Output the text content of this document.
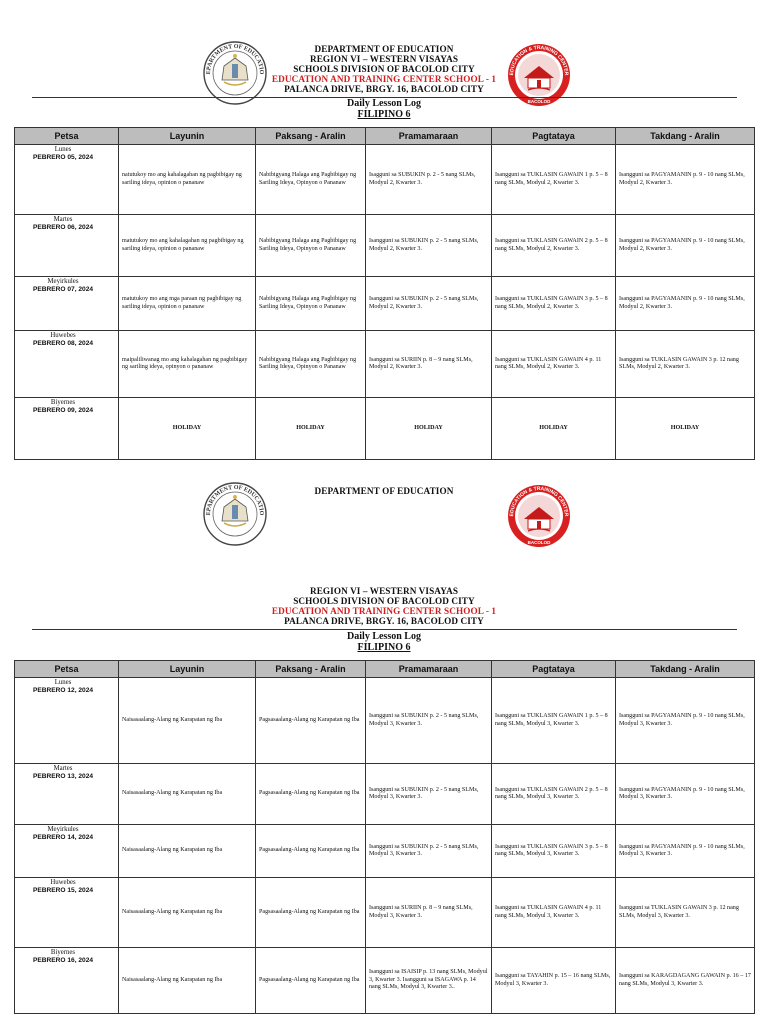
DEPARTMENT OF EDUCATION
REGION VI – WESTERN VISAYAS
SCHOOLS DIVISION OF BACOLOD CITY
EDUCATION AND TRAINING CENTER SCHOOL - 1
PALANCA DRIVE, BRGY. 16, BACOLOD CITY
Daily Lesson Log
FILIPINO 6
Petsa	Layunin	Paksang - Aralin	Pramamaraan	Pagtataya	Takdang - Aralin

Lunes
PEBRERO 05, 2024	natutukoy mo ang kahalagahan ng pagbibigay ng sariling ideya, opinion o pananaw	Nabibigyang Halaga ang Pagbibigay ng Sariling Ideya, Opinyon o Pananaw	Isagguni sa SUBUKIN p. 2 - 5 nang SLMs, Modyul 2, Kwarter 3.	Isangguni sa TUKLASIN GAWAIN 1 p. 5 – 8 nang SLMs, Modyul 2, Kwarter 3.	Isangguni sa PAGYAMANIN p. 9 - 10 nang SLMs, Modyul 2, Kwarter 3.

Martes
PEBRERO 06, 2024	matutukoy mo ang kahalagahan ng pagbibigay ng sariling ideya, opinion o pananaw	Nabibigyang Halaga ang Pagbibigay ng Sariling Ideya, Opinyon o Pananaw	Isangguni sa SUBUKIN p. 2 - 5 nang SLMs, Modyul 2, Kwarter 3.	Isangguni sa TUKLASIN GAWAIN 2 p. 5 – 8 nang SLMs, Modyul 2, Kwarter 3.	Isangguni sa PAGYAMANIN p. 9 - 10 nang SLMs, Modyul 2, Kwarter 3.

Meyirkules
PEBRERO 07, 2024	matutukoy mo ang mga paraan ng pagbibigay ng sariling ideya, opinion o pananaw	Nabibigyang Halaga ang Pagbibigay ng Sariling Ideya, Opinyon o Pananaw	Isangguni sa SUBUKIN p. 2 - 5 nang SLMs, Modyul 2, Kwarter 3.	Isangguni sa TUKLASIN GAWAIN 3 p. 5 – 8 nang SLMs, Modyul 2, Kwarter 3.	Isangguni sa PAGYAMANIN p. 9 - 10 nang SLMs, Modyul 2, Kwarter 3.

Huwebes
PEBRERO 08, 2024	maipaliliwanag mo ang kahalagahan ng pagbibigay ng sariling ideya, opinyon o pananaw	Nabibigyang Halaga ang Pagbibigay ng Sariling Ideya, Opinyon o Pananaw	Isangguni sa SURIIN p. 8 – 9 nang SLMs, Modyul 2, Kwarter 3.	Isangguni sa TUKLASIN GAWAIN 4 p. 11 nang SLMs, Modyul 2, Kwarter 3.	Isangguni sa TUKLASIN GAWAIN 3 p. 12 nang SLMs, Modyul 2, Kwarter 3.

Biyernes
PEBRERO 09, 2024	HOLIDAY	HOLIDAY	HOLIDAY	HOLIDAY	HOLIDAY
DEPARTMENT OF EDUCATION
REGION VI – WESTERN VISAYAS
SCHOOLS DIVISION OF BACOLOD CITY
EDUCATION AND TRAINING CENTER SCHOOL - 1
PALANCA DRIVE, BRGY. 16, BACOLOD CITY
Daily Lesson Log
FILIPINO 6
Petsa	Layunin	Paksang - Aralin	Pramamaraan	Pagtataya	Takdang - Aralin

Lunes
PEBRERO 12, 2024	Naisasaalang-Alang ng Karapatan ng Iba	Pagsasaalang-Alang ng Karapatan ng Iba	Isangguni sa SUBUKIN p. 2 - 5 nang SLMs, Modyul 3, Kwarter 3.	Isangguni sa TUKLASIN GAWAIN 1 p. 5 – 8 nang SLMs, Modyul 3, Kwarter 3.	Isangguni sa PAGYAMANIN p. 9 - 10 nang SLMs, Modyul 3, Kwarter 3.

Martes
PEBRERO 13, 2024	Naisasaalang-Alang ng Karapatan ng Iba	Pagsasaalang-Alang ng Karapatan ng Iba	Isangguni sa SUBUKIN p. 2 - 5 nang SLMs, Modyul 3, Kwarter 3.	Isangguni sa TUKLASIN GAWAIN 2 p. 5 – 8 nang SLMs, Modyul 3, Kwarter 3.	Isangguni sa PAGYAMANIN p. 9 - 10 nang SLMs, Modyul 3, Kwarter 3.

Meyirkules
PEBRERO 14, 2024	Naisasaalang-Alang ng Karapatan ng Iba	Pagsasaalang-Alang ng Karapatan ng Iba	Isangguni sa SUBUKIN p. 2 - 5 nang SLMs, Modyul 3, Kwarter 3.	Isangguni sa TUKLASIN GAWAIN 3 p. 5 – 8 nang SLMs, Modyul 3, Kwarter 3.	Isangguni sa PAGYAMANIN p. 9 - 10 nang SLMs, Modyul 3, Kwarter 3.

Huwebes
PEBRERO 15, 2024	Naisasaalang-Alang ng Karapatan ng Iba	Pagsasaalang-Alang ng Karapatan ng Iba	Isangguni sa SURIIN p. 8 – 9 nang SLMs, Modyul 3, Kwarter 3.	Isangguni sa TUKLASIN GAWAIN 4 p. 11 nang SLMs, Modyul 3, Kwarter 3.	Isangguni sa TUKLASIN GAWAIN 3 p. 12 nang SLMs, Modyul 3, Kwarter 3.

Biyernes
PEBRERO 16, 2024	Naisasaalang-Alang ng Karapatan ng Iba	Pagsasaalang-Alang ng Karapatan ng Iba	Isangguni sa ISAISIP p. 13 nang SLMs, Modyul 3, Kwarter 3. Isangguni sa ISAGAWA p. 14 nang SLMs, Modyul 3, Kwarter 3..	Isangguni sa TAYAHIN p. 15 – 16 nang SLMs, Modyul 3, Kwarter 3.	Isangguni sa KARAGDAGANG GAWAIN p. 16 – 17 nang SLMs, Modyul 3, Kwarter 3.
